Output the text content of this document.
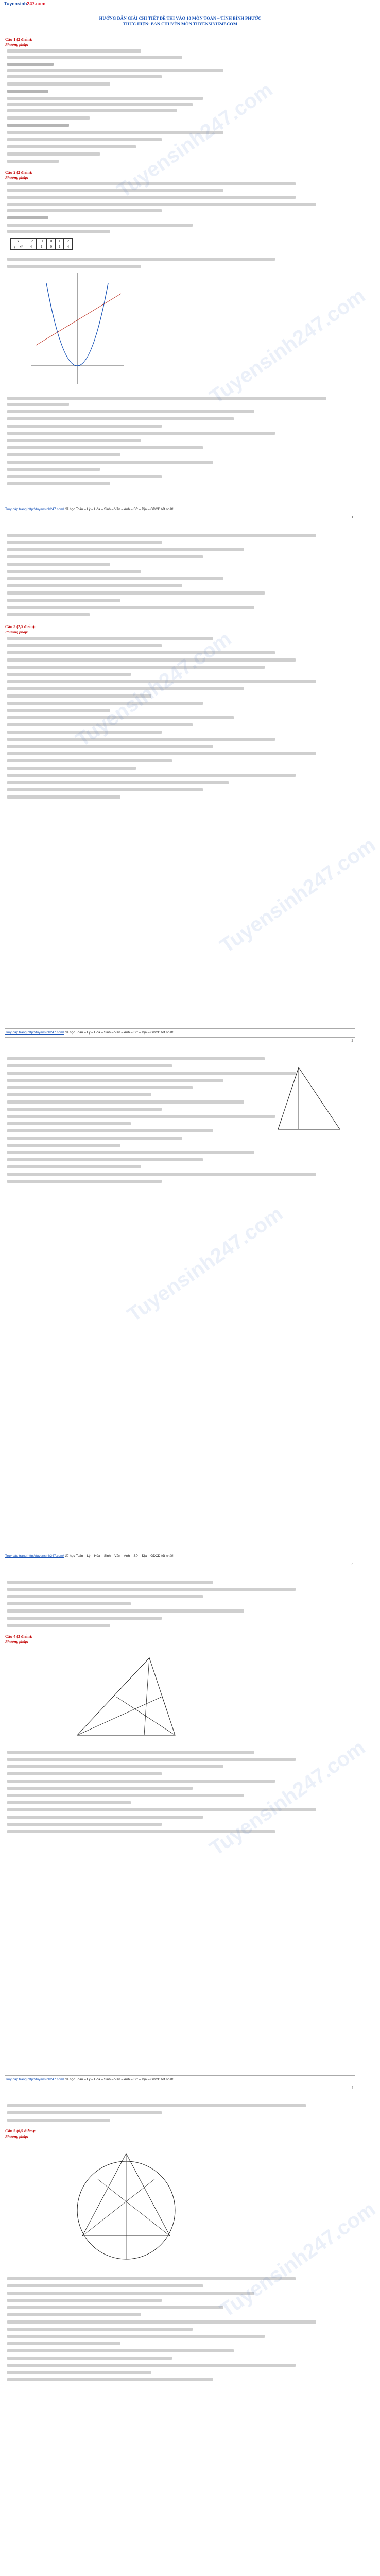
Tuyensinh247.com
HƯỚNG DẪN GIẢI CHI TIẾT ĐỀ THI VÀO 10 MÔN TOÁN – TỈNH BÌNH PHƯỚC
THỰC HIỆN: BAN CHUYÊN MÔN TUYENSINH247.COM
Câu 1 (2 điểm):
Phương pháp:
Câu 2 (2 điểm):
Phương pháp:
x	−2	−1	0	1	2
y = x²	4	1	0	1	4
Tuyensinh247.com
Tuyensinh247.com
Truy cập trang http://tuyensinh247.com/ để học Toán – Lý – Hóa – Sinh – Văn – Anh – Sử – Địa – GDCD tốt nhất!
1
Câu 3 (2,5 điểm):
Phương pháp: Tuyensinh247.com
Tuyensinh247.com
Truy cập trang http://tuyensinh247.com/ để học Toán – Lý – Hóa – Sinh – Văn – Anh – Sử – Địa – GDCD tốt nhất!
2
Tuyensinh247.com
Truy cập trang http://tuyensinh247.com/ để học Toán – Lý – Hóa – Sinh – Văn – Anh – Sử – Địa – GDCD tốt nhất!
3
Câu 4 (3 điểm):
Phương pháp:
Tuyensinh247.com
Truy cập trang http://tuyensinh247.com/ để học Toán – Lý – Hóa – Sinh – Văn – Anh – Sử – Địa – GDCD tốt nhất!
4
Câu 5 (0,5 điểm):
Phương pháp:
Tuyensinh247.com
